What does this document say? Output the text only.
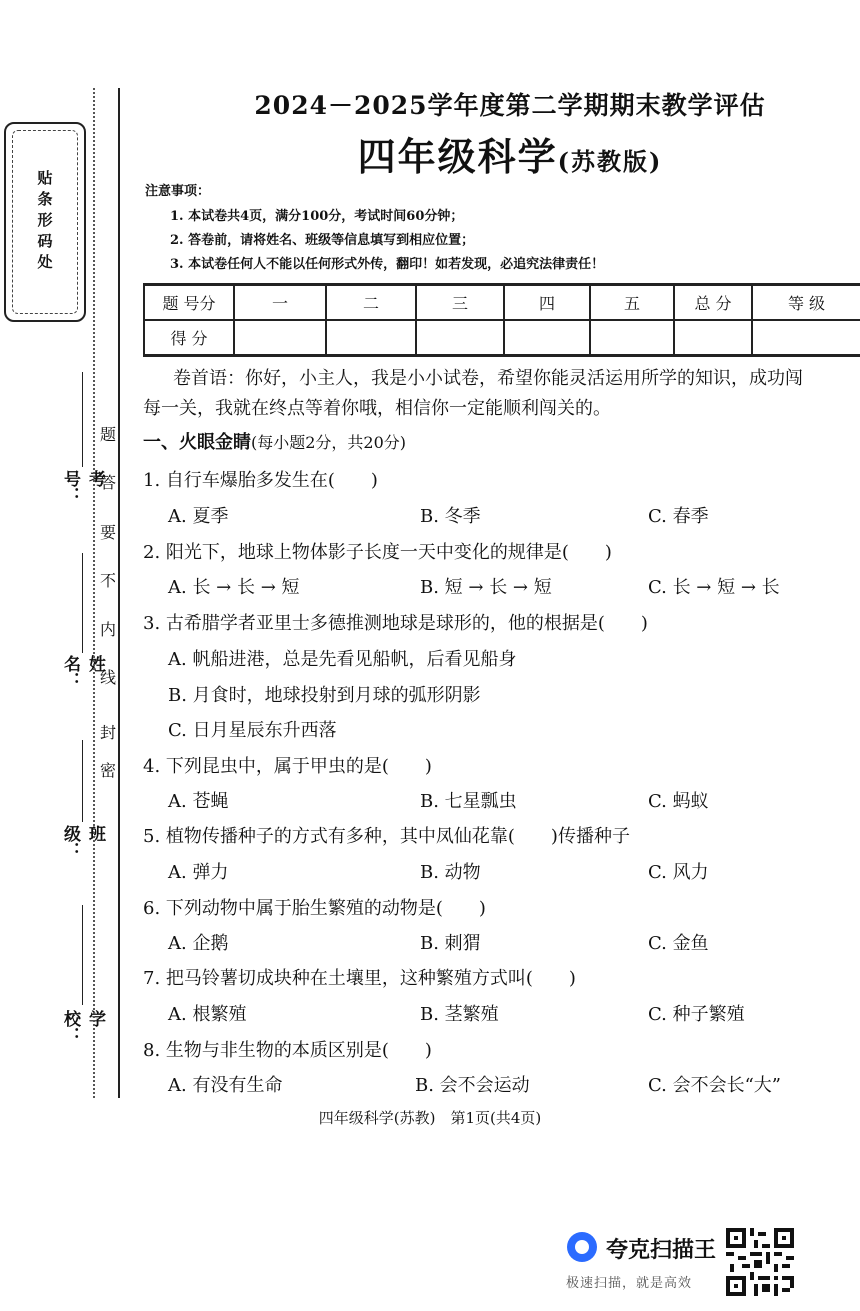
贴条形码处
考号：
姓名：
班级：
学校：
密
封
线
内
不
要
答
题
2024－2025学年度第二学期期末教学评估
四年级科学(苏教版)
注意事项：
1. 本试卷共4页，满分100分，考试时间60分钟；
2. 答卷前，请将姓名、班级等信息填写到相应位置；
3. 本试卷任何人不能以任何形式外传，翻印！如若发现，必追究法律责任！
题 号分	一	二	三	四	五	总 分	等 级
得 分							
卷首语：你好，小主人，我是小小试卷，希望你能灵活运用所学的知识，成功闯
每一关，我就在终点等着你哦，相信你一定能顺利闯关的。
一、火眼金睛(每小题2分，共20分)
1. 自行车爆胎多发生在(　　)
A. 夏季	B. 冬季	C. 春季
2. 阳光下，地球上物体影子长度一天中变化的规律是(　　)
A. 长 → 长 → 短	B. 短 → 长 → 短	C. 长 → 短 → 长
3. 古希腊学者亚里士多德推测地球是球形的，他的根据是(　　)
A. 帆船进港，总是先看见船帆，后看见船身
B. 月食时，地球投射到月球的弧形阴影
C. 日月星辰东升西落
4. 下列昆虫中，属于甲虫的是(　　)
A. 苍蝇	B. 七星瓢虫	C. 蚂蚁
5. 植物传播种子的方式有多种，其中凤仙花靠(　　)传播种子
A. 弹力	B. 动物	C. 风力
6. 下列动物中属于胎生繁殖的动物是(　　)
A. 企鹅	B. 刺猬	C. 金鱼
7. 把马铃薯切成块种在土壤里，这种繁殖方式叫(　　)
A. 根繁殖	B. 茎繁殖	C. 种子繁殖
8. 生物与非生物的本质区别是(　　)
A. 有没有生命	B. 会不会运动	C. 会不会长“大”
四年级科学(苏教)　第1页(共4页)
夸克扫描王
极速扫描，就是高效
